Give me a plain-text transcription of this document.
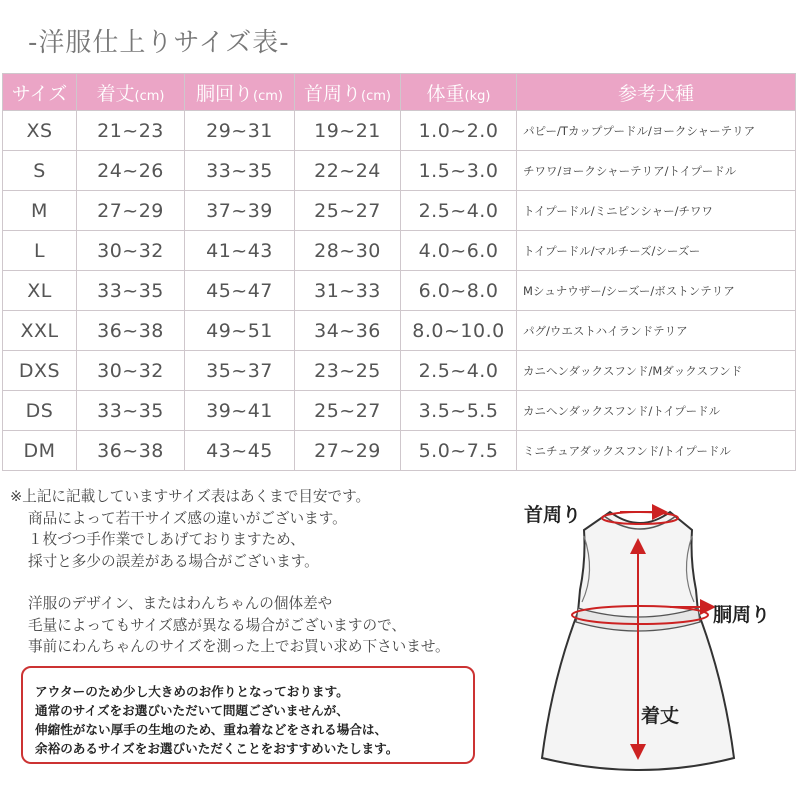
-洋服仕上りサイズ表-
サイズ	着丈(cm)	胴回り(cm)	首周り(cm)	体重(kg)	参考犬種
XS	21~23	29~31	19~21	1.0~2.0	パピー/Tカッププードル/ヨークシャーテリア
S	24~26	33~35	22~24	1.5~3.0	チワワ/ヨークシャーテリア/トイプードル
M	27~29	37~39	25~27	2.5~4.0	トイプードル/ミニピンシャー/チワワ
L	30~32	41~43	28~30	4.0~6.0	トイプードル/マルチーズ/シーズー
XL	33~35	45~47	31~33	6.0~8.0	Mシュナウザー/シーズー/ボストンテリア
XXL	36~38	49~51	34~36	8.0~10.0	パグ/ウエストハイランドテリア
DXS	30~32	35~37	23~25	2.5~4.0	カニヘンダックスフンド/Mダックスフンド
DS	33~35	39~41	25~27	3.5~5.5	カニヘンダックスフンド/トイプードル
DM	36~38	43~45	27~29	5.0~7.5	ミニチュアダックスフンド/トイプードル

※上記に記載していますサイズ表はあくまで目安です。

商品によって若干サイズ感の違いがございます。

１枚づつ手作業でしあげておりますため、

採寸と多少の誤差がある場合がございます。

洋服のデザイン、またはわんちゃんの個体差や

毛量によってもサイズ感が異なる場合がございますので、

事前にわんちゃんのサイズを測った上でお買い求め下さいませ。

アウターのため少し大きめのお作りとなっております。

通常のサイズをお選びいただいて問題ございませんが、

伸縮性がない厚手の生地のため、重ね着などをされる場合は、

余裕のあるサイズをお選びいただくことをおすすめいたします。

首周り
胴周り
着丈
